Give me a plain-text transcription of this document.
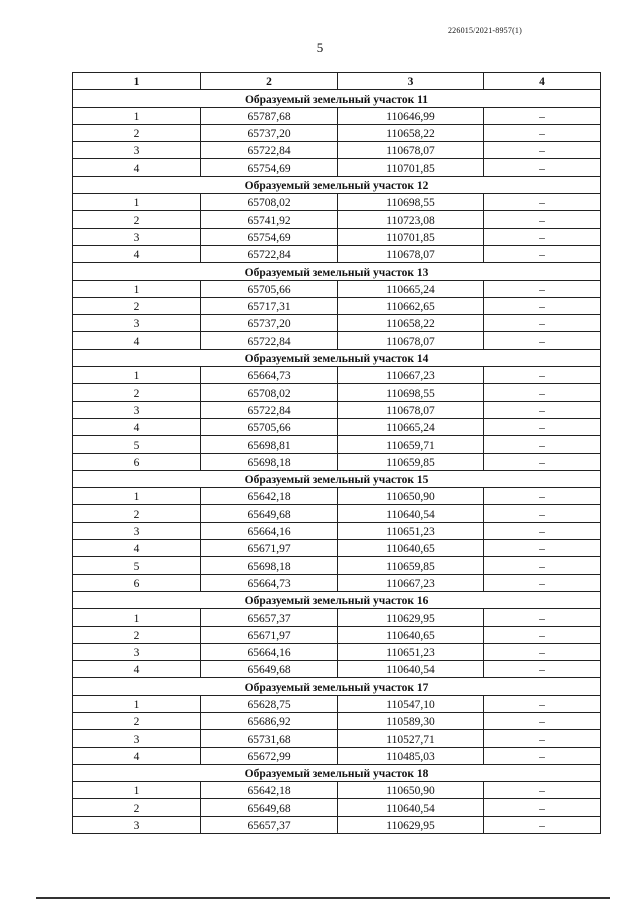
226015/2021-8957(1)
5
1	2	3	4
Образуемый земельный участок 11			
1	65787,68	110646,99	–
2	65737,20	110658,22	–
3	65722,84	110678,07	–
4	65754,69	110701,85	–
Образуемый земельный участок 12			
1	65708,02	110698,55	–
2	65741,92	110723,08	–
3	65754,69	110701,85	–
4	65722,84	110678,07	–
Образуемый земельный участок 13			
1	65705,66	110665,24	–
2	65717,31	110662,65	–
3	65737,20	110658,22	–
4	65722,84	110678,07	–
Образуемый земельный участок 14			
1	65664,73	110667,23	–
2	65708,02	110698,55	–
3	65722,84	110678,07	–
4	65705,66	110665,24	–
5	65698,81	110659,71	–
6	65698,18	110659,85	–
Образуемый земельный участок 15			
1	65642,18	110650,90	–
2	65649,68	110640,54	–
3	65664,16	110651,23	–
4	65671,97	110640,65	–
5	65698,18	110659,85	–
6	65664,73	110667,23	–
Образуемый земельный участок 16			
1	65657,37	110629,95	–
2	65671,97	110640,65	–
3	65664,16	110651,23	–
4	65649,68	110640,54	–
Образуемый земельный участок 17			
1	65628,75	110547,10	–
2	65686,92	110589,30	–
3	65731,68	110527,71	–
4	65672,99	110485,03	–
Образуемый земельный участок 18			
1	65642,18	110650,90	–
2	65649,68	110640,54	–
3	65657,37	110629,95	–
